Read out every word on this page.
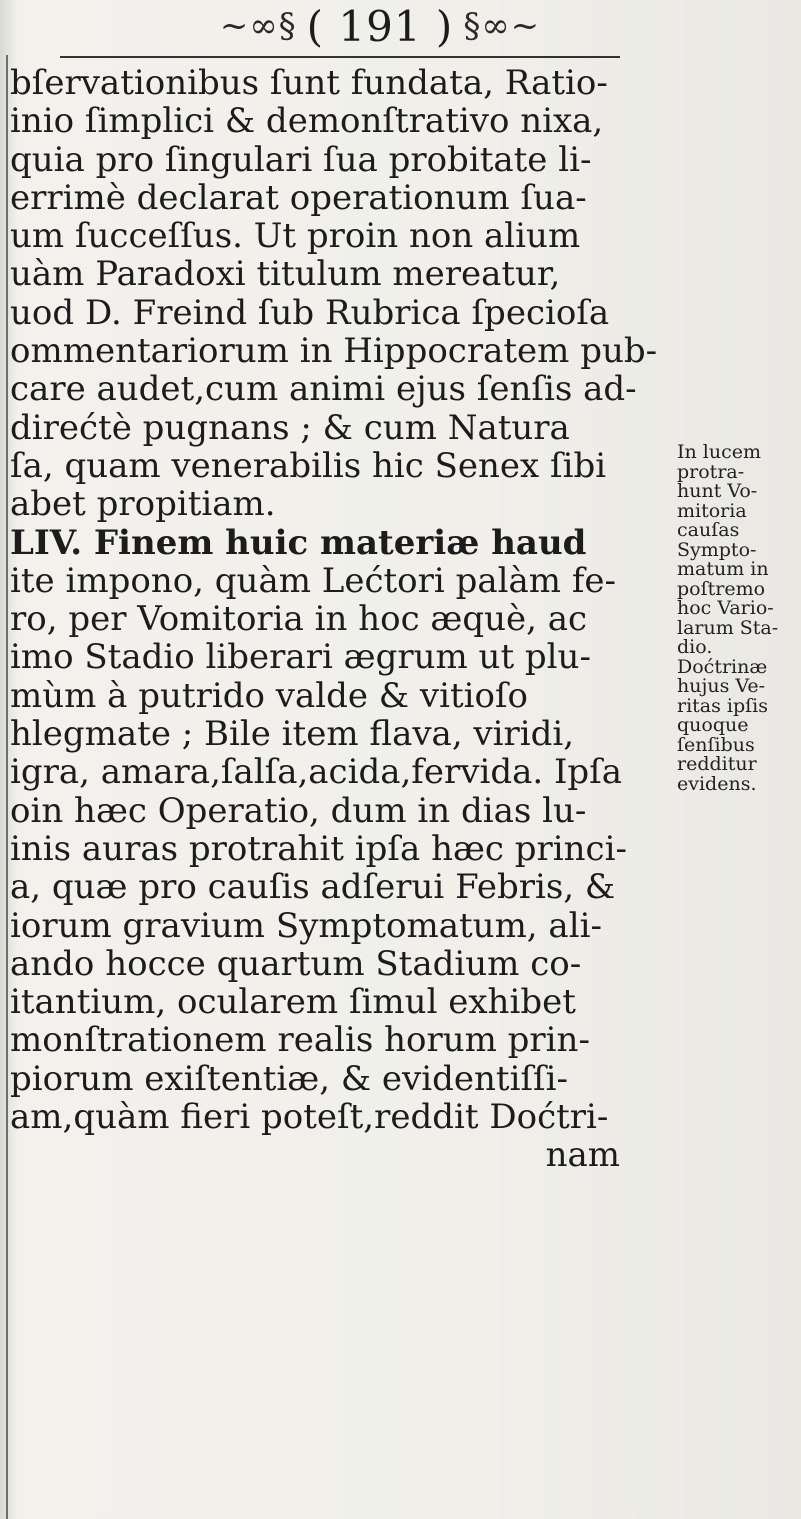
~∞§ ( 191 ) §∞~
bſervationibus ſunt fundata, Ratio-
inio ſimplici & demonſtrativo nixa,
quia pro ſingulari ſua probitate li-
errimè declarat operationum ſua-
um ſucceſſus. Ut proin non alium
uàm Paradoxi titulum mereatur,
uod D. Freind ſub Rubrica ſpecioſa
ommentariorum in Hippocratem pub-
care audet,cum animi ejus ſenſis ad-
direćtè pugnans ; & cum Natura
ſa, quam venerabilis hic Senex ſibi
abet propitiam.
LIV. Finem huic materiæ haud
ite impono, quàm Lećtori palàm fe-
ro, per Vomitoria in hoc æquè, ac
imo Stadio liberari ægrum ut plu-
mùm à putrido valde & vitioſo
hlegmate ; Bile item flava, viridi,
igra, amara,ſalſa,acida,fervida. Ipſa
oin hæc Operatio, dum in dias lu-
inis auras protrahit ipſa hæc princi-
a, quæ pro cauſis adſerui Febris, &
iorum gravium Symptomatum, ali-
ando hocce quartum Stadium co-
itantium, ocularem ſimul exhibet
monſtrationem realis horum prin-
piorum exiſtentiæ, & evidentiſſi-
am,quàm fieri poteſt,reddit Doćtri-
nam
In lucem
protra-
hunt Vo-
mitoria
cauſas
Sympto-
matum in
poſtremo
hoc Vario-
larum Sta-
dio.
Doćtrinæ
hujus Ve-
ritas ipſis
quoque
ſenſibus
redditur
evidens.
